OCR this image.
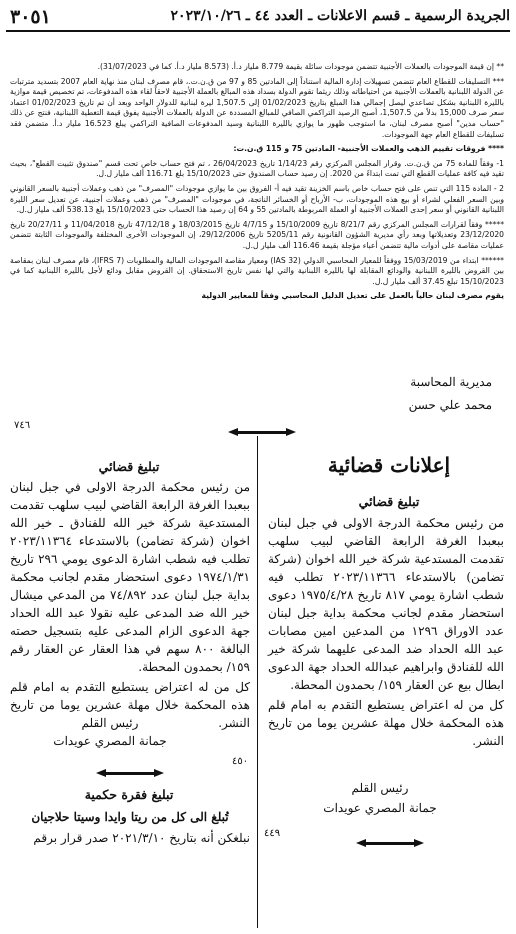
الجريدة الرسمية ـ قسم الاعلانات ـ العدد ٤٤ ـ ٢٠٢٣/١٠/٢٦
٣٠٥١

** إن قيمة الموجودات بالعملات الأجنبية تتضمن موجودات سائلة بقيمة 8.779 مليار د.أ. (8.573 مليار د.أ. كما في 31/07/2023).

*** التسليفات للقطاع العام تتضمن تسهيلات إدارة المالية استناداً إلى المادتين 85 و 97 من ق.ن.ت.، قام مصرف لبنان منذ نهاية العام 2007 بتسديد مترتبات عن الدولة اللبنانية بالعملات الأجنبية من احتياطاته وذلك ريثما تقوم الدولة بسداد هذه المبالغ بالعملة الأجنبية لاحقاً لقاء هذه المدفوعات، تم تخصيص قيمة موازية بالليرة اللبنانية بشكل تصاعدي ليصل إجمالي هذا المبلغ بتاريخ 01/02/2023 إلى 1,507.5 ليرة لبنانية للدولار الواحد وبعد أن تم تاريخ 01/02/2023 اعتماد سعر صرف 15,000 بدلاً من 1,507.5، أصبح الرصيد التراكمي الصافي للمبالغ المسددة عن الدولة بالعملات الأجنبية يفوق قيمة التغطية اللبنانية، فنتج عن ذلك "حساب مدين" أصبح مصرف لبنان، ما استوجب ظهور ما يوازي بالليرة اللبنانية وسيد المدفوعات الصافية التراكمي يبلغ 16.523 مليار د.أ. متضمن فقد تسليفات للقطاع العام جهة الموجودات.

**** فروقات تقييم الذهب والعملات الأجنبية- المادتين 75 و 115 ق.ن.ت:

1- وفقاً للمادة 75 من ق.ن.ت. وقرار المجلس المركزي رقم 1/14/23 تاريخ 26/04/2023 ، تم فتح حساب خاص تحت قسم "صندوق تثبيت القطع"، بحيث تقيد فيه كافة عمليات القطع التي تمت ابتداءً من 2020. إن رصيد حساب الصندوق حتى 15/10/2023 بلغ 116.71 ألف مليار ل.ل.

2 - المادة 115 التي تنص على فتح حساب خاص باسم الخزينة تقيد فيه أ- الفروق بين ما يوازي موجودات "المصرف" من ذهب وعملات أجنبية بالسعر القانوني وبين السعر الفعلي لشراء أو بيع هذه الموجودات، ب- الأرباح أو الخسائر الناتجة، في موجودات "المصرف" من ذهب وعملات أجنبية، عن تعديل سعر الليرة اللبنانية القانوني أو سعر إحدى العملات الأجنبية أو العملة المربوطة بالمادتين 55 و 64 إن رصيد هذا الحساب حتى 15/10/2023 بلغ 538.13 ألف مليار ل.ل.

***** وفقاً لقرارات المجلس المركزي رقم 8/21/7 تاريخ 15/10/2009 و 4/7/15 تاريخ 18/03/2015 و 47/12/18 تاريخ 11/04/2018 و 20/27/11 تاريخ 23/12/2020 وتعديلاتها وبعد رأي مديرية الشؤون القانونية رقم 5205/11 تاريخ 29/12/2006، إن الموجودات الأخرى المختلفة والموجودات الثابتة تتضمن عمليات مقاصة على أدوات مالية تتضمن أعباء مؤجلة بقيمة 116.46 ألف مليار ل.ل.

****** ابتداء من 15/03/2019 ووفقاً للمعيار المحاسبي الدولي (IAS 32) ومعيار مقاصة الموجودات المالية والمطلوبات (IFRS 7)، قام مصرف لبنان بمقاصة بين القروض بالليرة اللبنانية والودائع المقابلة لها بالليرة اللبنانية والتي لها نفس تاريخ الاستحقاق. إن القروض مقابل ودائع لأجل بالليرة اللبنانية كما في 15/10/2023 تبلغ 37.45 ألف مليار ل.ل.

يقوم مصرف لبنان حالياً بالعمل على تعديل الدليل المحاسبي وفقاً للمعايير الدولية

مديرية المحاسبة
محمد علي حسن
٧٤٦
إعلانات قضائية
تبليغ قضائي

من رئيس محكمة الدرجة الاولى في جبل لبنان ببعبدا الغرفة الرابعة القاضي لبيب سلهب تقدمت المستدعية شركة خير الله اخوان (شركة تضامن) بالاستدعاء ٢٠٢٣/١١٣٦٦ تطلب فيه شطب اشارة يومي ٨١٧ تاريخ ١٩٧٥/٤/٢٨ دعوى استحضار مقدم لجانب محكمة بداية جبل لبنان عدد الاوراق ١٢٩٦ من المدعين امين مصابات عبد الله الحداد ضد المدعى عليهما شركة خير الله للفنادق وابراهيم عبدالله الحداد جهة الدعوى ابطال بيع عن العقار ١٥٩/ بحمدون المحطة.

كل من له اعتراض يستطيع التقدم به امام قلم هذه المحكمة خلال مهلة عشرين يوما من تاريخ النشر.

رئيس القلم
جمانة المصري عويدات
٤٤٩
تبليغ قضائي

من رئيس محكمة الدرجة الاولى في جبل لبنان ببعبدا الغرفة الرابعة القاضي لبيب سلهب تقدمت المستدعية شركة خير الله للفنادق ـ خير الله اخوان (شركة تضامن) بالاستدعاء ٢٠٢٣/١١٣٦٤ تطلب فيه شطب اشارة الدعوى يومي ٢٩٦ تاريخ ١٩٧٤/١/٣١ دعوى استحضار مقدم لجانب محكمة بداية جبل لبنان عدد ٧٤/٨٩٢ من المدعي ميشال خير الله ضد المدعى عليه نقولا عبد الله الحداد جهة الدعوى الزام المدعى عليه بتسجيل حصته البالغة ٨٠٠ سهم في هذا العقار عن العقار رقم ١٥٩/ بحمدون المحطة.

كل من له اعتراض يستطيع التقدم به امام قلم هذه المحكمة خلال مهلة عشرين يوما من تاريخ النشر.

رئيس القلم
جمانة المصري عويدات
٤٥٠
تبليغ فقرة حكمية
تُبلغ الى كل من ريتا وايدا وسيتا حلاجيان
نبلغكن أنه بتاريخ ٢٠٢١/٣/١٠ صدر قرار برقم
